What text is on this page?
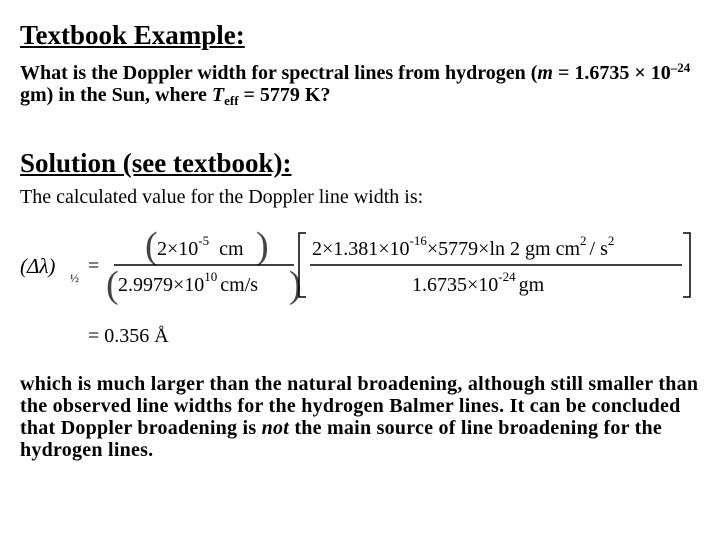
Textbook Example:
What is the Doppler width for spectral lines from hydrogen ($m = 1.6735 \times 10^{-24}$ gm) in the Sun, where $T_{eff} = 5779$ K?
Solution (see textbook):
The calculated value for the Doppler line width is:
(Δλ) ½
= ( $2\times 10^{-5}$ cm )
( $2.9979\times 10^{10}$ cm/s )
$2\times 1.381\times 10^{-16}\times 5779\times\ln$ 2 gm $cm^2 / s^2$
$1.6735\times 10^{-24}$ gm
= 0.356 Å
which is much larger than the natural broadening, although still smaller than the observed line widths for the hydrogen Balmer lines. It can be concluded that Doppler broadening is not the main source of line broadening for the hydrogen lines.
